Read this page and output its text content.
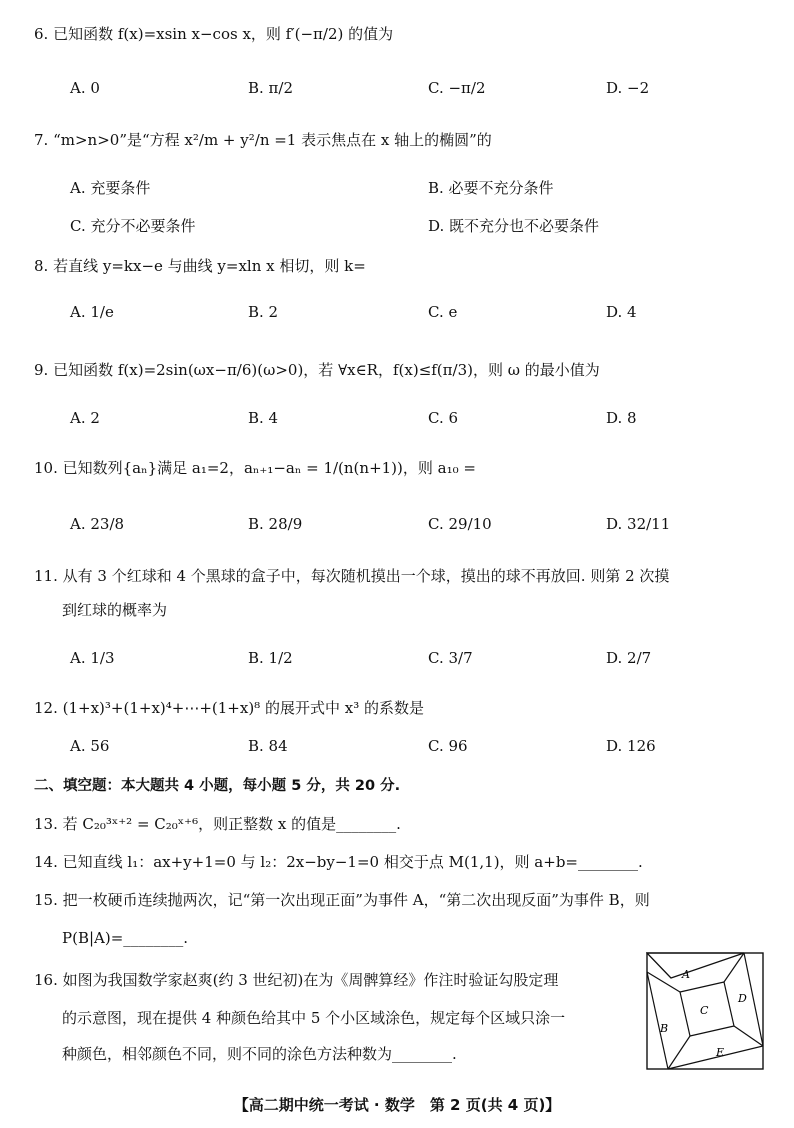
6. 已知函数 f(x)=xsin x−cos x，则 f′(−π/2) 的值为
A. 0	B. π/2	C. −π/2	D. −2
7. “m>n>0”是“方程 x²/m + y²/n =1 表示焦点在 x 轴上的椭圆”的
A. 充要条件	B. 必要不充分条件
C. 充分不必要条件	D. 既不充分也不必要条件
8. 若直线 y=kx−e 与曲线 y=xln x 相切，则 k=
A. 1/e	B. 2	C. e	D. 4
9. 已知函数 f(x)=2sin(ωx−π/6)(ω>0)，若 ∀x∈R，f(x)≤f(π/3)，则 ω 的最小值为
A. 2	B. 4	C. 6	D. 8
10. 已知数列{aₙ}满足 a₁=2，aₙ₊₁−aₙ = 1/(n(n+1))，则 a₁₀ =
A. 23/8	B. 28/9	C. 29/10	D. 32/11
11. 从有 3 个红球和 4 个黑球的盒子中，每次随机摸出一个球，摸出的球不再放回. 则第 2 次摸
到红球的概率为
A. 1/3	B. 1/2	C. 3/7	D. 2/7
12. (1+x)³+(1+x)⁴+⋯+(1+x)⁸ 的展开式中 x³ 的系数是
A. 56	B. 84	C. 96	D. 126
二、填空题：本大题共 4 小题，每小题 5 分，共 20 分.
13. 若 C₂₀³ˣ⁺² = C₂₀ˣ⁺⁶，则正整数 x 的值是________.
14. 已知直线 l₁：ax+y+1=0 与 l₂：2x−by−1=0 相交于点 M(1,1)，则 a+b=________.
15. 把一枚硬币连续抛两次，记“第一次出现正面”为事件 A，“第二次出现反面”为事件 B，则
P(B|A)=________.
16. 如图为我国数学家赵爽(约 3 世纪初)在为《周髀算经》作注时验证勾股定理
的示意图，现在提供 4 种颜色给其中 5 个小区域涂色，规定每个区域只涂一
种颜色，相邻颜色不同，则不同的涂色方法种数为________.
A
B
C
D
E
【高二期中统一考试 · 数学　第 2 页(共 4 页)】
